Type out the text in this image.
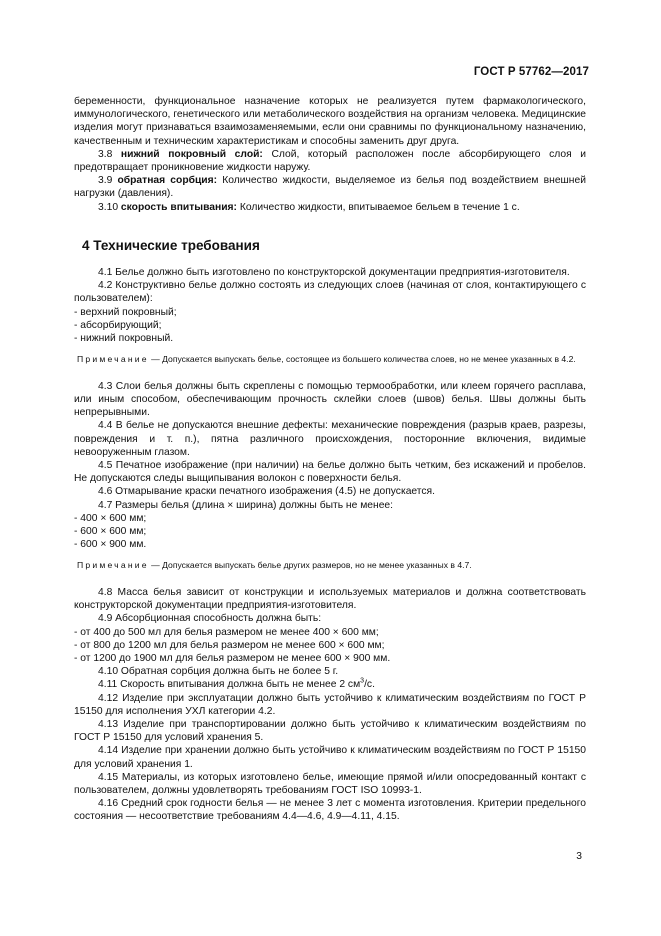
ГОСТ Р 57762—2017

беременности, функциональное назначение которых не реализуется путем фармакологического, иммунологического, генетического или метаболического воздействия на организм человека. Медицинские изделия могут признаваться взаимозаменяемыми, если они сравнимы по функциональному назначению, качественным и техническим характеристикам и способны заменить друг друга.

3.8 нижний покровный слой: Слой, который расположен после абсорбирующего слоя и предотвращает проникновение жидкости наружу.

3.9 обратная сорбция: Количество жидкости, выделяемое из белья под воздействием внешней нагрузки (давления).

3.10 скорость впитывания: Количество жидкости, впитываемое бельем в течение 1 с.

4 Технические требования

4.1 Белье должно быть изготовлено по конструкторской документации предприятия-изготовителя.

4.2 Конструктивно белье должно состоять из следующих слоев (начиная от слоя, контактирующего с пользователем):

- верхний покровный;

- абсорбирующий;

- нижний покровный.

Примечание — Допускается выпускать белье, состоящее из большего количества слоев, но не менее указанных в 4.2.

4.3 Слои белья должны быть скреплены с помощью термообработки, или клеем горячего расплава, или иным способом, обеспечивающим прочность склейки слоев (швов) белья. Швы должны быть непрерывными.

4.4 В белье не допускаются внешние дефекты: механические повреждения (разрыв краев, разрезы, повреждения и т. п.), пятна различного происхождения, посторонние включения, видимые невооруженным глазом.

4.5 Печатное изображение (при наличии) на белье должно быть четким, без искажений и пробелов. Не допускаются следы выщипывания волокон с поверхности белья.

4.6 Отмарывание краски печатного изображения (4.5) не допускается.

4.7 Размеры белья (длина × ширина) должны быть не менее:

- 400 × 600 мм;

- 600 × 600 мм;

- 600 × 900 мм.

Примечание — Допускается выпускать белье других размеров, но не менее указанных в 4.7.

4.8 Масса белья зависит от конструкции и используемых материалов и должна соответствовать конструкторской документации предприятия-изготовителя.

4.9 Абсорбционная способность должна быть:

- от 400 до 500 мл для белья размером не менее 400 × 600 мм;

- от 800 до 1200 мл для белья размером не менее 600 × 600 мм;

- от 1200 до 1900 мл для белья размером не менее 600 × 900 мм.

4.10 Обратная сорбция должна быть не более 5 г.

4.11 Скорость впитывания должна быть не менее 2 $см^3/с$.

4.12 Изделие при эксплуатации должно быть устойчиво к климатическим воздействиям по ГОСТ Р 15150 для исполнения УХЛ категории 4.2.

4.13 Изделие при транспортировании должно быть устойчиво к климатическим воздействиям по ГОСТ Р 15150 для условий хранения 5.

4.14 Изделие при хранении должно быть устойчиво к климатическим воздействиям по ГОСТ Р 15150 для условий хранения 1.

4.15 Материалы, из которых изготовлено белье, имеющие прямой и/или опосредованный контакт с пользователем, должны удовлетворять требованиям ГОСТ ISO 10993-1.

4.16 Средний срок годности белья — не менее 3 лет с момента изготовления. Критерии предельного состояния — несоответствие требованиям 4.4—4.6, 4.9—4.11, 4.15.

3
